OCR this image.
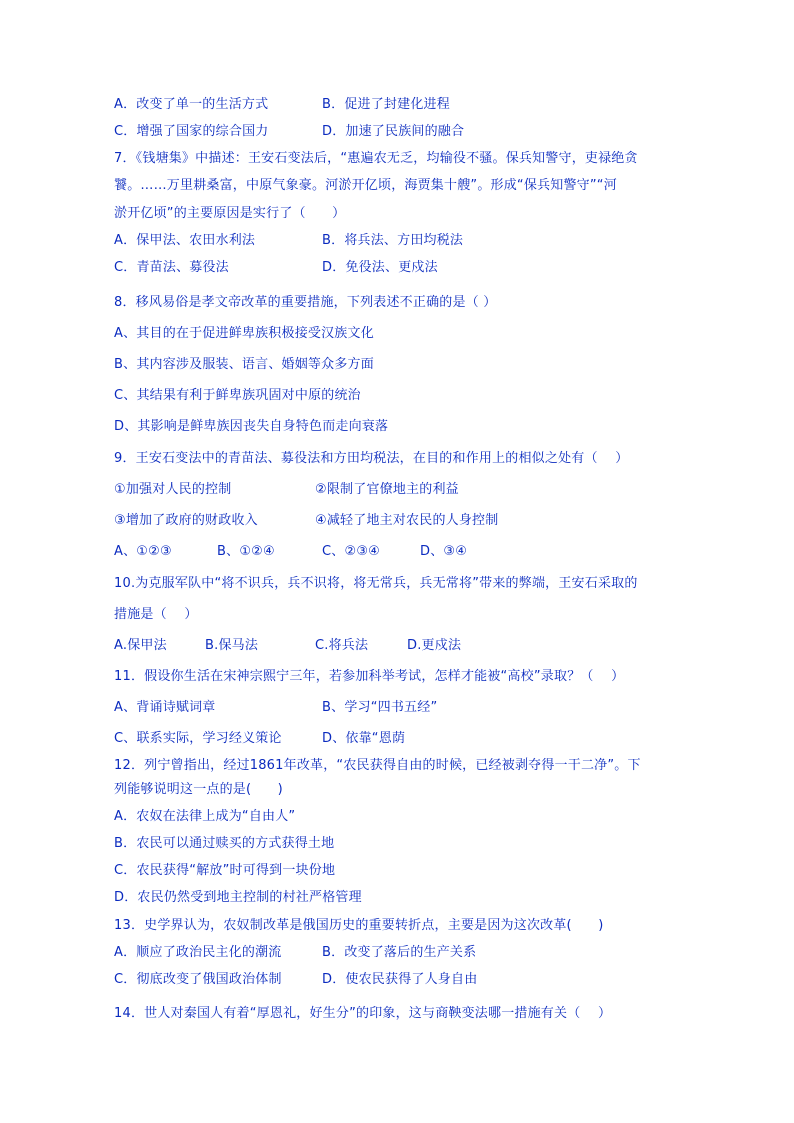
A．改变了单一的生活方式	B．促进了封建化进程
C．增强了国家的综合国力	D．加速了民族间的融合
7．《钱塘集》中描述：王安石变法后，“惠遍农无乏，均输役不骚。保兵知警守，吏禄绝贪
饕。……万里耕桑富，中原气象豪。河淤开亿顷，海贾集十艘”。形成“保兵知警守”“河
淤开亿顷”的主要原因是实行了（　　）
A．保甲法、农田水利法	B．将兵法、方田均税法
C．青苗法、募役法	D．免役法、更戍法
8．移风易俗是孝文帝改革的重要措施，下列表述不正确的是（ ）
A、其目的在于促进鲜卑族积极接受汉族文化
B、其内容涉及服装、语言、婚姻等众多方面
C、其结果有利于鲜卑族巩固对中原的统治
D、其影响是鲜卑族因丧失自身特色而走向衰落
9．王安石变法中的青苗法、募役法和方田均税法，在目的和作用上的相似之处有（　 ）
①加强对人民的控制	②限制了官僚地主的利益
③增加了政府的财政收入	④减轻了地主对农民的人身控制
A、①②③	B、①②④	C、②③④	D、③④
10.为克服军队中“将不识兵，兵不识将，将无常兵，兵无常将”带来的弊端，王安石采取的
措施是（　 ）
A.保甲法	B.保马法	C.将兵法	D.更戍法
11．假设你生活在宋神宗熙宁三年，若参加科举考试，怎样才能被“高校”录取？（　 ）
A、背诵诗赋词章	B、学习“四书五经”
C、联系实际，学习经义策论	D、依靠“恩荫
12．列宁曾指出，经过1861年改革，“农民获得自由的时候，已经被剥夺得一干二净”。下
列能够说明这一点的是(　　)
A．农奴在法律上成为“自由人”
B．农民可以通过赎买的方式获得土地
C．农民获得“解放”时可得到一块份地
D．农民仍然受到地主控制的村社严格管理
13．史学界认为，农奴制改革是俄国历史的重要转折点，主要是因为这次改革(　　)
A．顺应了政治民主化的潮流	B．改变了落后的生产关系
C．彻底改变了俄国政治体制	D．使农民获得了人身自由
14．世人对秦国人有着“厚恩礼，好生分”的印象，这与商鞅变法哪一措施有关（　 ）
